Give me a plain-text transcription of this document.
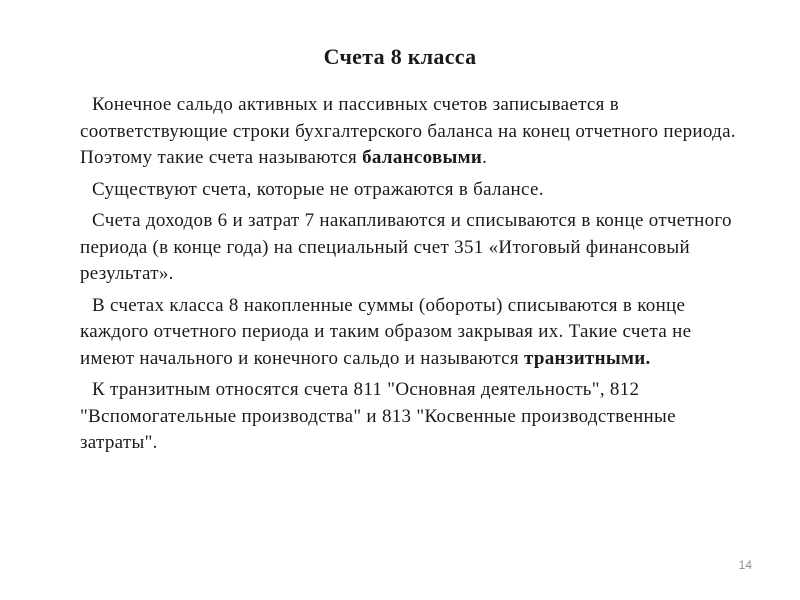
Счета 8 класса

Конечное сальдо активных и пассивных счетов записывается в соответствующие строки бухгалтерского баланса на конец отчетного периода. Поэтому такие счета называются балансовыми.

Существуют счета, которые не отражаются в балансе.

Счета доходов 6 и затрат 7 накапливаются и списываются в конце отчетного периода (в конце года) на специальный счет 351 «Итоговый финансовый результат».

В счетах класса 8 накопленные суммы (обороты) списываются в конце каждого отчетного периода и таким образом закрывая их. Такие счета не имеют начального и конечного сальдо и называются транзитными.

К транзитным относятся счета 811 "Основная деятельность", 812 "Вспомогательные производства" и 813 "Косвенные производственные затраты".

14
